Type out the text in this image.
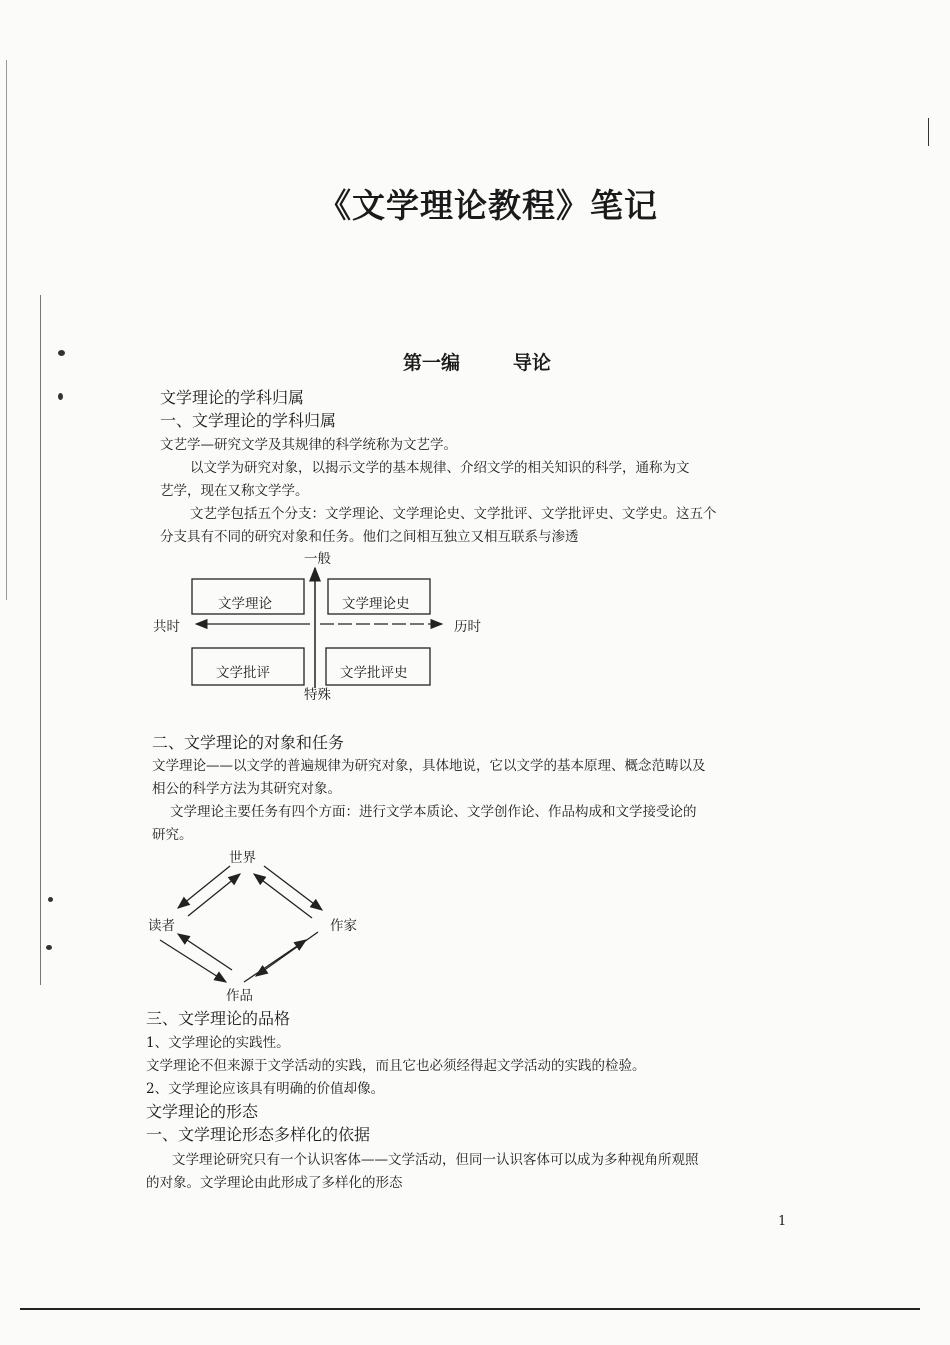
《文学理论教程》笔记
第一编        导论
文学理论的学科归属
一、文学理论的学科归属
文艺学—研究文学及其规律的科学统称为文艺学。
以文学为研究对象，以揭示文学的基本规律、介绍文学的相关知识的科学，通称为文
艺学，现在又称文学学。
文艺学包括五个分支：文学理论、文学理论史、文学批评、文学批评史、文学史。这五个
分支具有不同的研究对象和任务。他们之间相互独立又相互联系与渗透
一般
特殊
共时	历时
文学理论	文学理论史
文学批评	文学批评史
二、文学理论的对象和任务
文学理论——以文学的普遍规律为研究对象，具体地说，它以文学的基本原理、概念范畴以及
相公的科学方法为其研究对象。
文学理论主要任务有四个方面：进行文学本质论、文学创作论、作品构成和文学接受论的
研究。
世界
读者	作家
作品
三、文学理论的品格
1、文学理论的实践性。
文学理论不但来源于文学活动的实践，而且它也必须经得起文学活动的实践的检验。
2、文学理论应该具有明确的价值却像。
文学理论的形态
一、文学理论形态多样化的依据
文学理论研究只有一个认识客体——文学活动，但同一认识客体可以成为多种视角所观照
的对象。文学理论由此形成了多样化的形态
1
